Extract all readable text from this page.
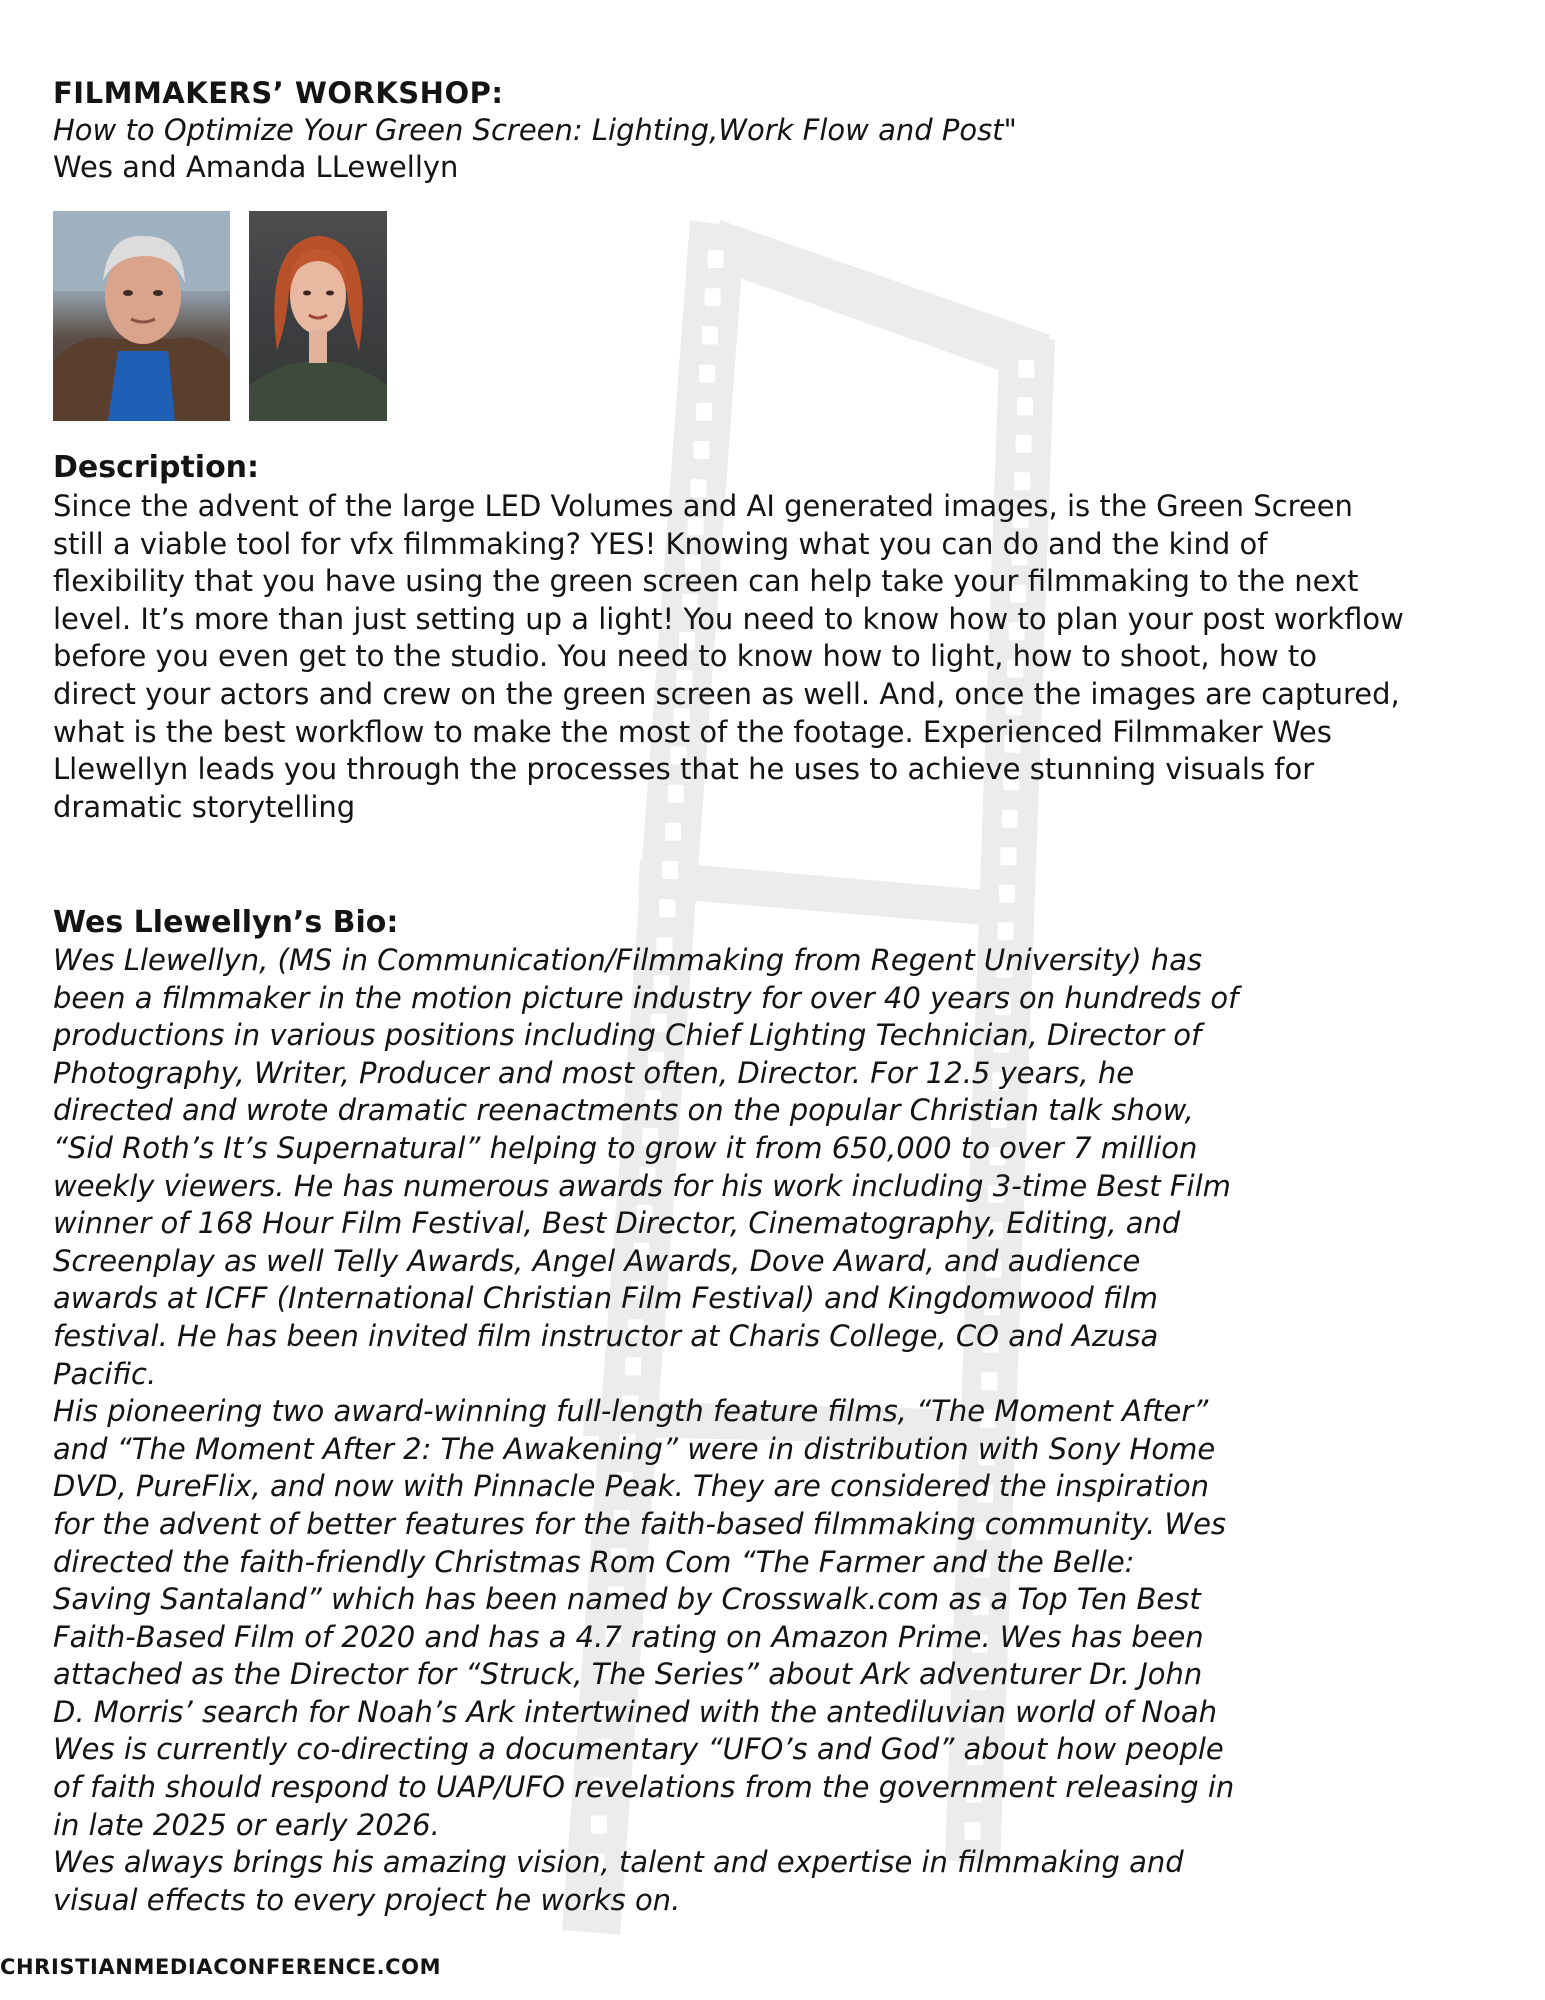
FILMMAKERS’ WORKSHOP:
How to Optimize Your Green Screen: Lighting,Work Flow and Post"
Wes and Amanda LLewellyn
Description:
Since the advent of the large LED Volumes and AI generated images, is the Green Screen
still a viable tool for vfx filmmaking? YES! Knowing what you can do and the kind of
flexibility that you have using the green screen can help take your filmmaking to the next
level. It’s more than just setting up a light! You need to know how to plan your post workflow
before you even get to the studio. You need to know how to light, how to shoot, how to
direct your actors and crew on the green screen as well. And, once the images are captured,
what is the best workflow to make the most of the footage. Experienced Filmmaker Wes
Llewellyn leads you through the processes that he uses to achieve stunning visuals for
dramatic storytelling
Wes Llewellyn’s Bio:

Wes Llewellyn, (MS in Communication/Filmmaking from Regent University) has
been a filmmaker in the motion picture industry for over 40 years on hundreds of
productions in various positions including Chief Lighting Technician, Director of
Photography, Writer, Producer and most often, Director. For 12.5 years, he
directed and wrote dramatic reenactments on the popular Christian talk show,
“Sid Roth’s It’s Supernatural” helping to grow it from 650,000 to over 7 million
weekly viewers. He has numerous awards for his work including 3-time Best Film
winner of 168 Hour Film Festival, Best Director, Cinematography, Editing, and
Screenplay as well Telly Awards, Angel Awards, Dove Award, and audience
awards at ICFF (International Christian Film Festival) and Kingdomwood film
festival. He has been invited film instructor at Charis College, CO and Azusa
Pacific.

His pioneering two award-winning full-length feature films, “The Moment After”
and “The Moment After 2: The Awakening” were in distribution with Sony Home
DVD, PureFlix, and now with Pinnacle Peak. They are considered the inspiration
for the advent of better features for the faith-based filmmaking community. Wes
directed the faith-friendly Christmas Rom Com “The Farmer and the Belle:
Saving Santaland” which has been named by Crosswalk.com as a Top Ten Best
Faith-Based Film of 2020 and has a 4.7 rating on Amazon Prime. Wes has been
attached as the Director for “Struck, The Series” about Ark adventurer Dr. John
D. Morris’ search for Noah’s Ark intertwined with the antediluvian world of Noah
Wes is currently co-directing a documentary “UFO’s and God” about how people
of faith should respond to UAP/UFO revelations from the government releasing in
in late 2025 or early 2026.

Wes always brings his amazing vision, talent and expertise in filmmaking and
visual effects to every project he works on.

CHRISTIANMEDIACONFERENCE.COM
